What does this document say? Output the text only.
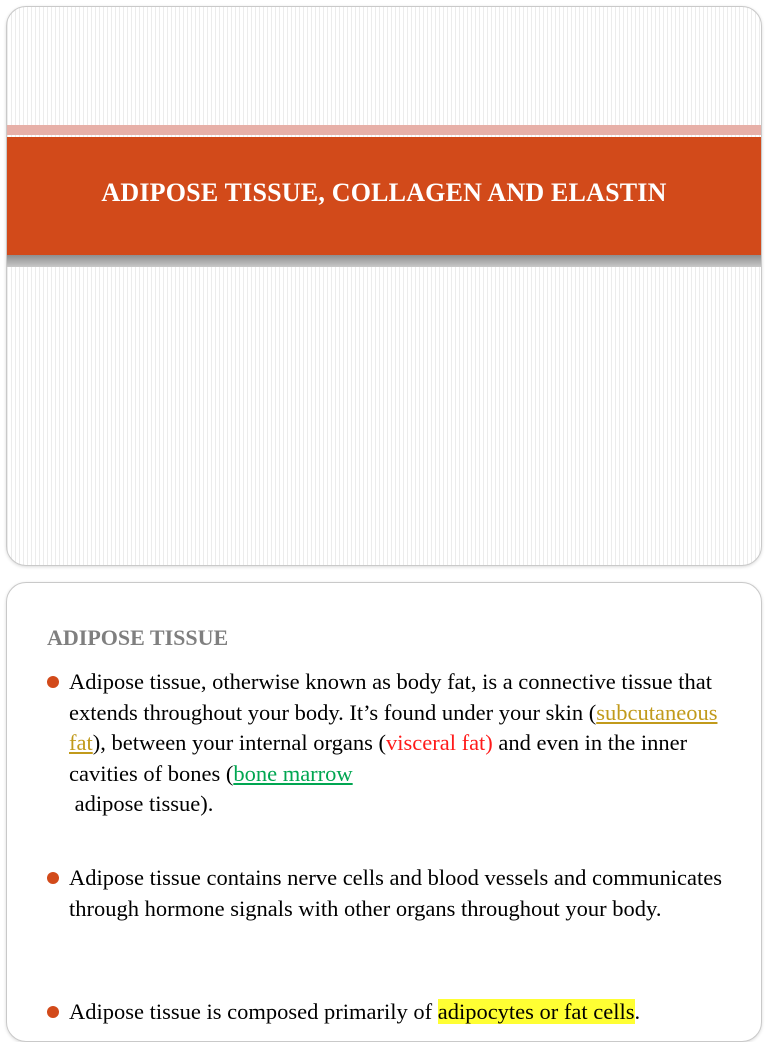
ADIPOSE TISSUE, COLLAGEN AND ELASTIN
ADIPOSE TISSUE
Adipose tissue, otherwise known as body fat, is a connective tissue that extends throughout your body. It’s found under your skin (subcutaneous fat), between your internal organs (visceral fat) and even in the inner cavities of bones (bone marrow
adipose tissue).
Adipose tissue contains nerve cells and blood vessels and communicates through hormone signals with other organs throughout your body.
Adipose tissue is composed primarily of adipocytes or fat cells.
